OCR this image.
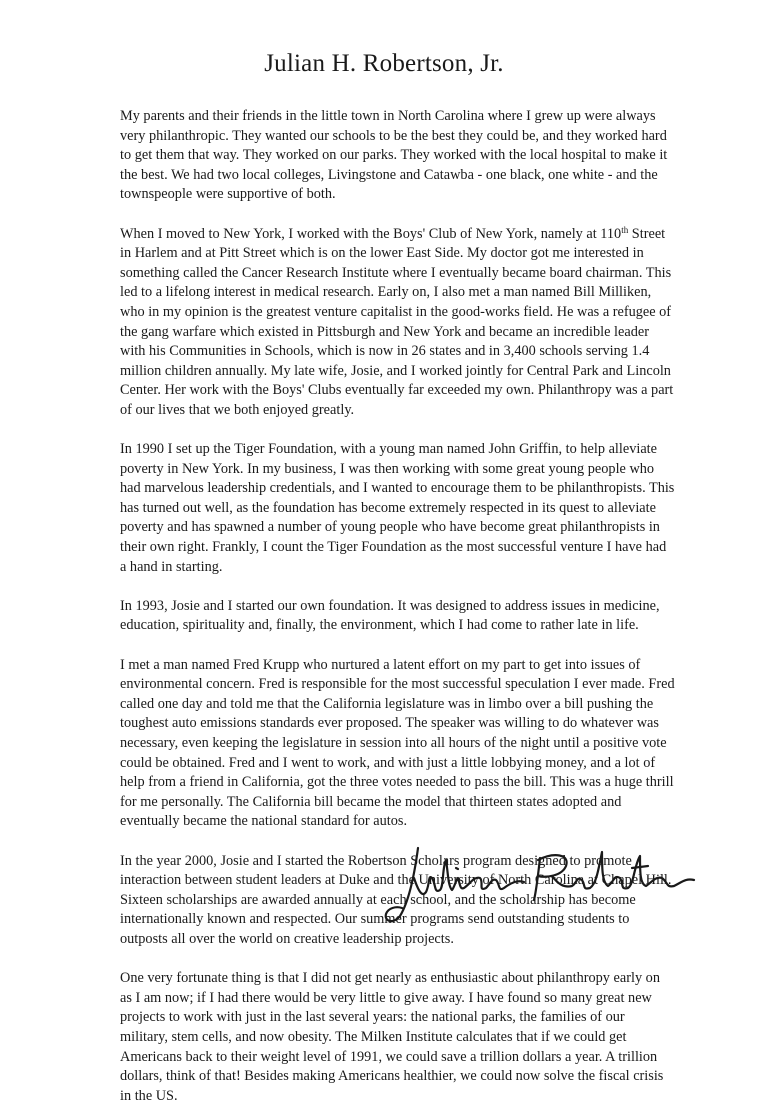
Julian H. Robertson, Jr.

My parents and their friends in the little town in North Carolina where I grew up were always very philanthropic. They wanted our schools to be the best they could be, and they worked hard to get them that way. They worked on our parks. They worked with the local hospital to make it the best. We had two local colleges, Livingstone and Catawba - one black, one white - and the townspeople were supportive of both.

When I moved to New York, I worked with the Boys' Club of New York, namely at 110th Street in Harlem and at Pitt Street which is on the lower East Side. My doctor got me interested in something called the Cancer Research Institute where I eventually became board chairman. This led to a lifelong interest in medical research. Early on, I also met a man named Bill Milliken, who in my opinion is the greatest venture capitalist in the good-works field. He was a refugee of the gang warfare which existed in Pittsburgh and New York and became an incredible leader with his Communities in Schools, which is now in 26 states and in 3,400 schools serving 1.4 million children annually. My late wife, Josie, and I worked jointly for Central Park and Lincoln Center. Her work with the Boys' Clubs eventually far exceeded my own. Philanthropy was a part of our lives that we both enjoyed greatly.

In 1990 I set up the Tiger Foundation, with a young man named John Griffin, to help alleviate poverty in New York. In my business, I was then working with some great young people who had marvelous leadership credentials, and I wanted to encourage them to be philanthropists. This has turned out well, as the foundation has become extremely respected in its quest to alleviate poverty and has spawned a number of young people who have become great philanthropists in their own right. Frankly, I count the Tiger Foundation as the most successful venture I have had a hand in starting.

In 1993, Josie and I started our own foundation. It was designed to address issues in medicine, education, spirituality and, finally, the environment, which I had come to rather late in life.

I met a man named Fred Krupp who nurtured a latent effort on my part to get into issues of environmental concern. Fred is responsible for the most successful speculation I ever made. Fred called one day and told me that the California legislature was in limbo over a bill pushing the toughest auto emissions standards ever proposed. The speaker was willing to do whatever was necessary, even keeping the legislature in session into all hours of the night until a positive vote could be obtained. Fred and I went to work, and with just a little lobbying money, and a lot of help from a friend in California, got the three votes needed to pass the bill. This was a huge thrill for me personally. The California bill became the model that thirteen states adopted and eventually became the national standard for autos.

In the year 2000, Josie and I started the Robertson Scholars program designed to promote interaction between student leaders at Duke and the University of North Carolina at Chapel Hill. Sixteen scholarships are awarded annually at each school, and the scholarship has become internationally known and respected. Our summer programs send outstanding students to outposts all over the world on creative leadership projects.

One very fortunate thing is that I did not get nearly as enthusiastic about philanthropy early on as I am now; if I had there would be very little to give away. I have found so many great new projects to work with just in the last several years: the national parks, the families of our military, stem cells, and now obesity. The Milken Institute calculates that if we could get Americans back to their weight level of 1991, we could save a trillion dollars a year. A trillion dollars, think of that! Besides making Americans healthier, we could now solve the fiscal crisis in the US.
